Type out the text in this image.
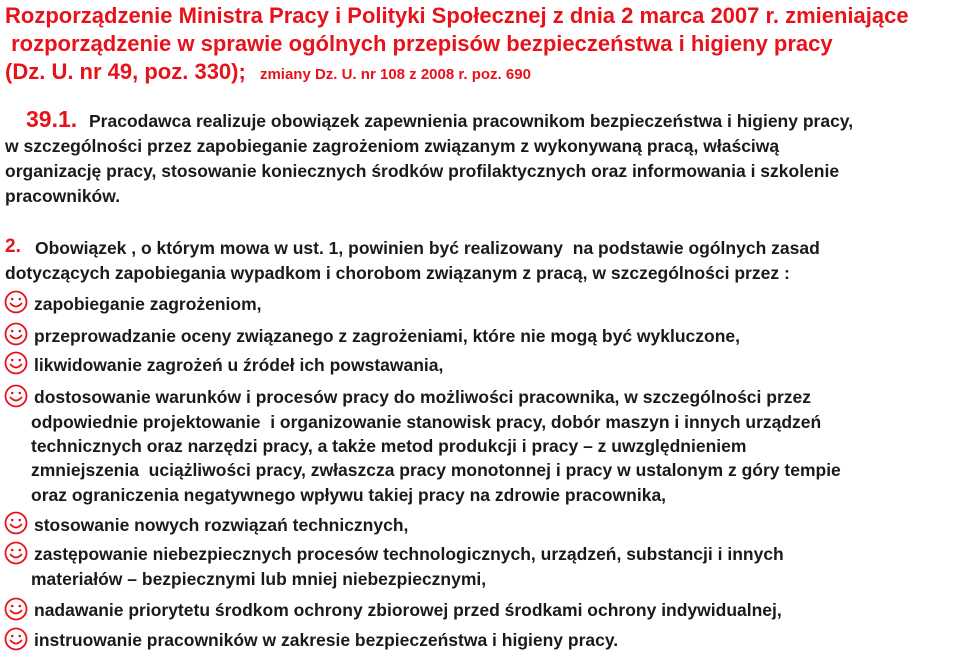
Rozporządzenie Ministra Pracy i Polityki Społecznej z dnia 2 marca 2007 r. zmieniające
rozporządzenie w sprawie ogólnych przepisów bezpieczeństwa i higieny pracy
(Dz. U. nr 49, poz. 330); zmiany Dz. U. nr 108 z 2008 r. poz. 690
39.1. Pracodawca realizuje obowiązek zapewnienia pracownikom bezpieczeństwa i higieny pracy,
w szczególności przez zapobieganie zagrożeniom związanym z wykonywaną pracą, właściwą
organizację pracy, stosowanie koniecznych środków profilaktycznych oraz informowania i szkolenie
pracowników.
2. Obowiązek , o którym mowa w ust. 1, powinien być realizowany  na podstawie ogólnych zasad
dotyczących zapobiegania wypadkom i chorobom związanym z pracą, w szczególności przez :
zapobieganie zagrożeniom,
przeprowadzanie oceny związanego z zagrożeniami, które nie mogą być wykluczone,
likwidowanie zagrożeń u źródeł ich powstawania,
dostosowanie warunków i procesów pracy do możliwości pracownika, w szczególności przez
odpowiednie projektowanie  i organizowanie stanowisk pracy, dobór maszyn i innych urządzeń
technicznych oraz narzędzi pracy, a także metod produkcji i pracy – z uwzględnieniem
zmniejszenia  uciążliwości pracy, zwłaszcza pracy monotonnej i pracy w ustalonym z góry tempie
oraz ograniczenia negatywnego wpływu takiej pracy na zdrowie pracownika,
stosowanie nowych rozwiązań technicznych,
zastępowanie niebezpiecznych procesów technologicznych, urządzeń, substancji i innych
materiałów – bezpiecznymi lub mniej niebezpiecznymi,
nadawanie priorytetu środkom ochrony zbiorowej przed środkami ochrony indywidualnej,
instruowanie pracowników w zakresie bezpieczeństwa i higieny pracy.
